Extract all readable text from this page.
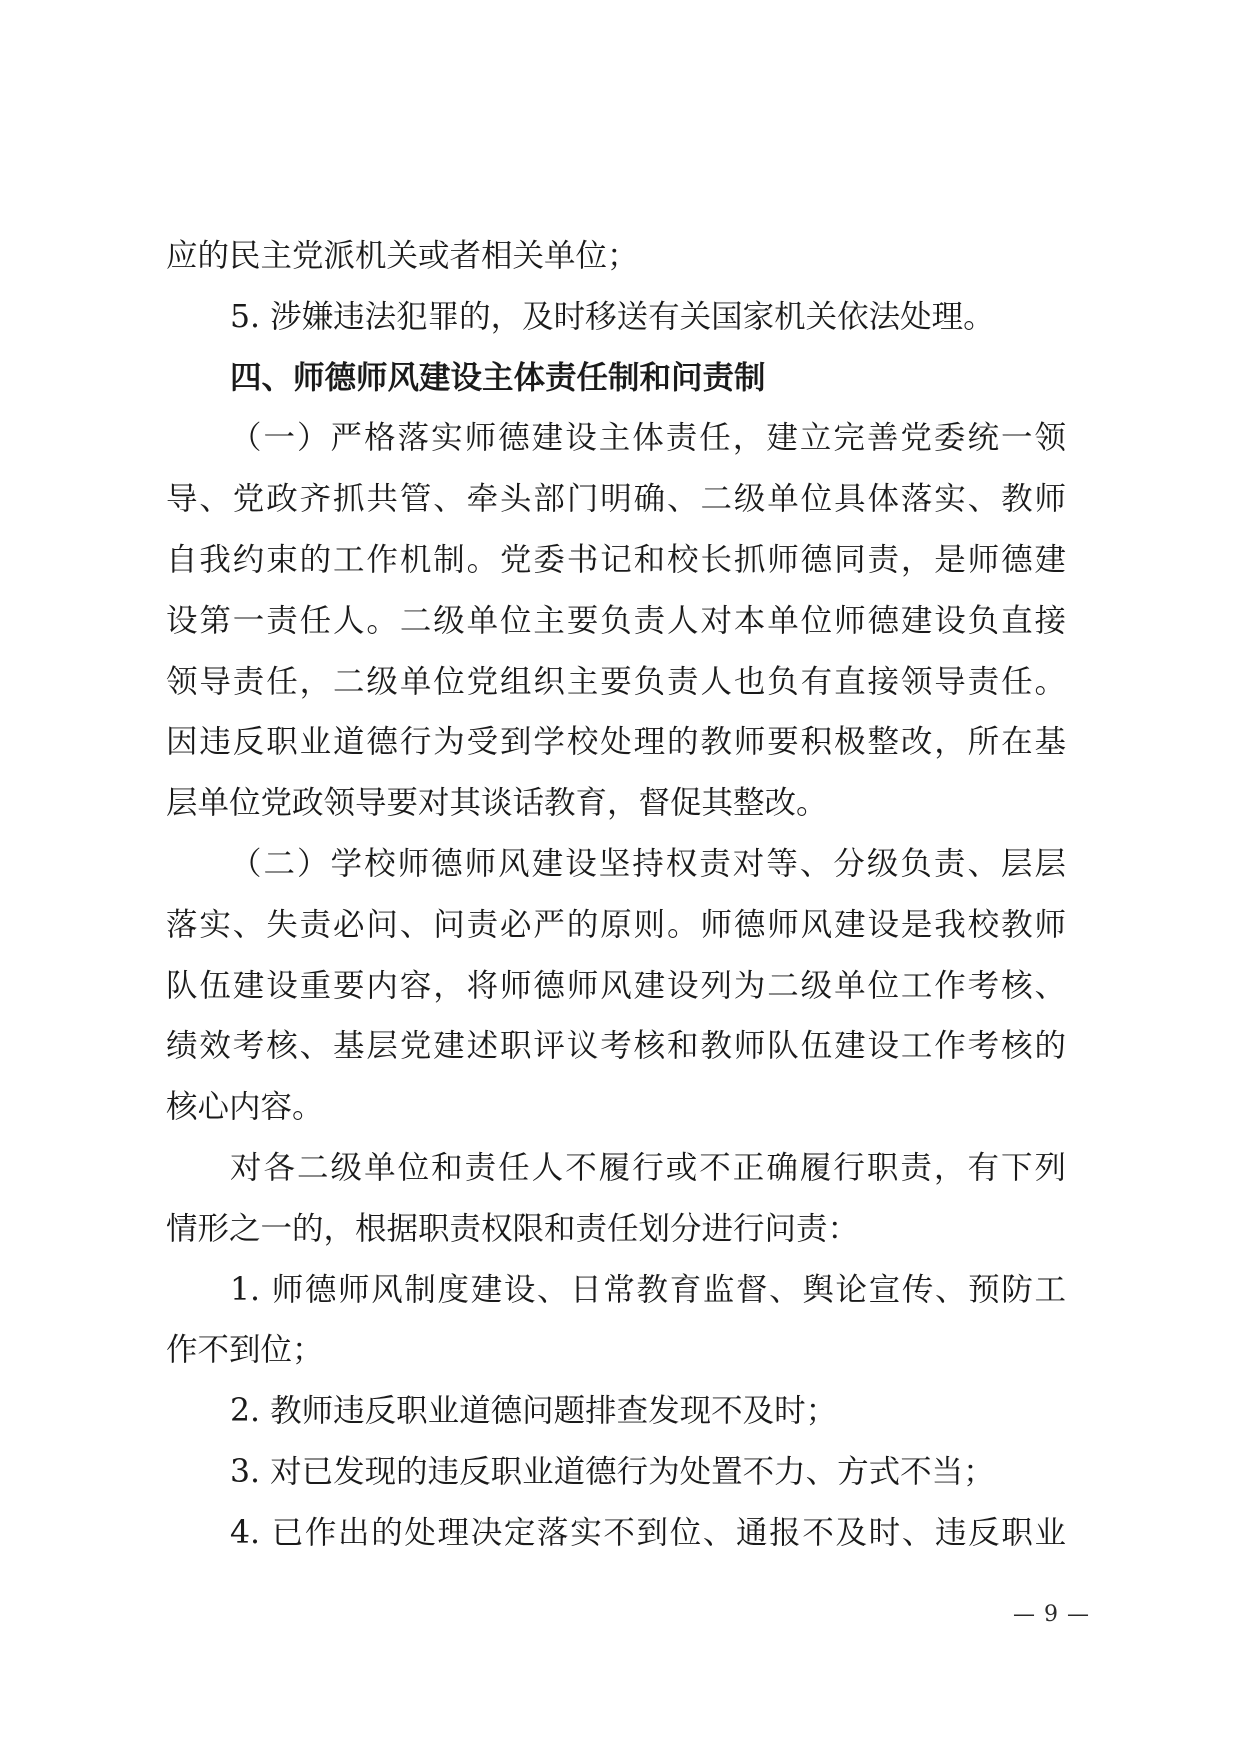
应的民主党派机关或者相关单位；
5. 涉嫌违法犯罪的，及时移送有关国家机关依法处理。
四、师德师风建设主体责任制和问责制
（一）严格落实师德建设主体责任，建立完善党委统一领
导、党政齐抓共管、牵头部门明确、二级单位具体落实、教师
自我约束的工作机制。党委书记和校长抓师德同责，是师德建
设第一责任人。二级单位主要负责人对本单位师德建设负直接
领导责任，二级单位党组织主要负责人也负有直接领导责任。
因违反职业道德行为受到学校处理的教师要积极整改，所在基
层单位党政领导要对其谈话教育，督促其整改。
（二）学校师德师风建设坚持权责对等、分级负责、层层
落实、失责必问、问责必严的原则。师德师风建设是我校教师
队伍建设重要内容，将师德师风建设列为二级单位工作考核、
绩效考核、基层党建述职评议考核和教师队伍建设工作考核的
核心内容。
对各二级单位和责任人不履行或不正确履行职责，有下列
情形之一的，根据职责权限和责任划分进行问责：
1. 师德师风制度建设、日常教育监督、舆论宣传、预防工
作不到位；
2. 教师违反职业道德问题排查发现不及时；
3. 对已发现的违反职业道德行为处置不力、方式不当；
4. 已作出的处理决定落实不到位、通报不及时、违反职业
— 9 —
